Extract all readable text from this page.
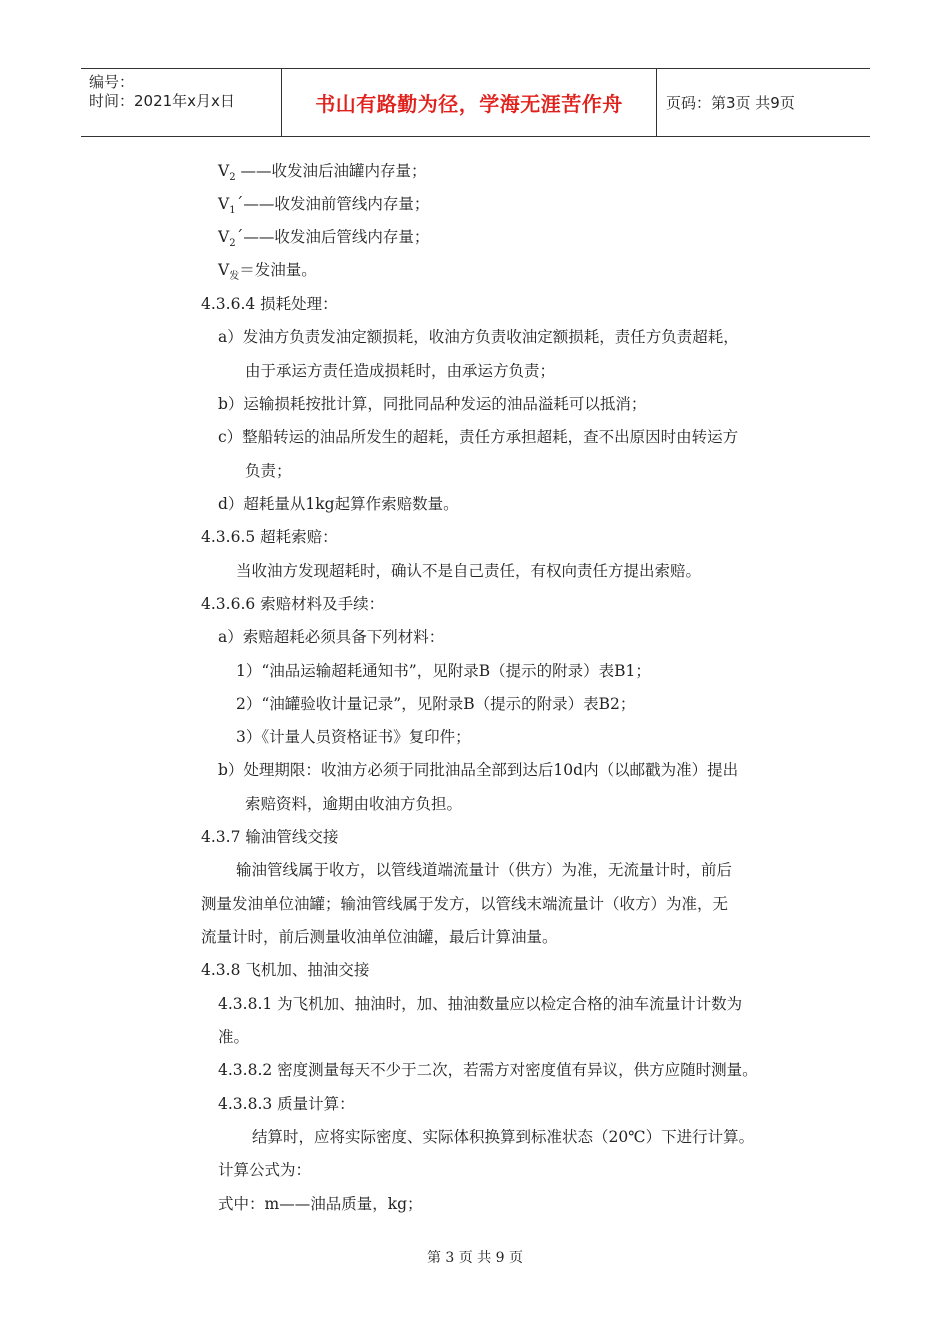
编号：
时间：2021年x月x日	书山有路勤为径，学海无涯苦作舟	页码：第3页 共9页
$V_2$ ——收发油后油罐内存量；
$V_1´——$收发油前管线内存量；
$V_2´——$收发油后管线内存量；
$V_发=$发油量。
4.3.6.4 损耗处理：
a）发油方负责发油定额损耗，收油方负责收油定额损耗，责任方负责超耗，
由于承运方责任造成损耗时，由承运方负责；
b）运输损耗按批计算，同批同品种发运的油品溢耗可以抵消；
c）整船转运的油品所发生的超耗，责任方承担超耗，查不出原因时由转运方
负责；
d）超耗量从1kg起算作索赔数量。
4.3.6.5 超耗索赔：
当收油方发现超耗时，确认不是自己责任，有权向责任方提出索赔。
4.3.6.6 索赔材料及手续：
a）索赔超耗必须具备下列材料：
1）“油品运输超耗通知书”，见附录B（提示的附录）表B1；
2）“油罐验收计量记录”，见附录B（提示的附录）表B2；
3）《计量人员资格证书》复印件；
b）处理期限：收油方必须于同批油品全部到达后10d内（以邮戳为准）提出
索赔资料，逾期由收油方负担。
4.3.7 输油管线交接
输油管线属于收方，以管线道端流量计（供方）为准，无流量计时，前后
测量发油单位油罐；输油管线属于发方，以管线末端流量计（收方）为准，无
流量计时，前后测量收油单位油罐，最后计算油量。
4.3.8 飞机加、抽油交接
4.3.8.1 为飞机加、抽油时，加、抽油数量应以检定合格的油车流量计计数为
准。
4.3.8.2 密度测量每天不少于二次，若需方对密度值有异议，供方应随时测量。
4.3.8.3 质量计算：
结算时，应将实际密度、实际体积换算到标准状态（20℃）下进行计算。
计算公式为：
式中：m——油品质量，kg；
第 3 页 共 9 页
